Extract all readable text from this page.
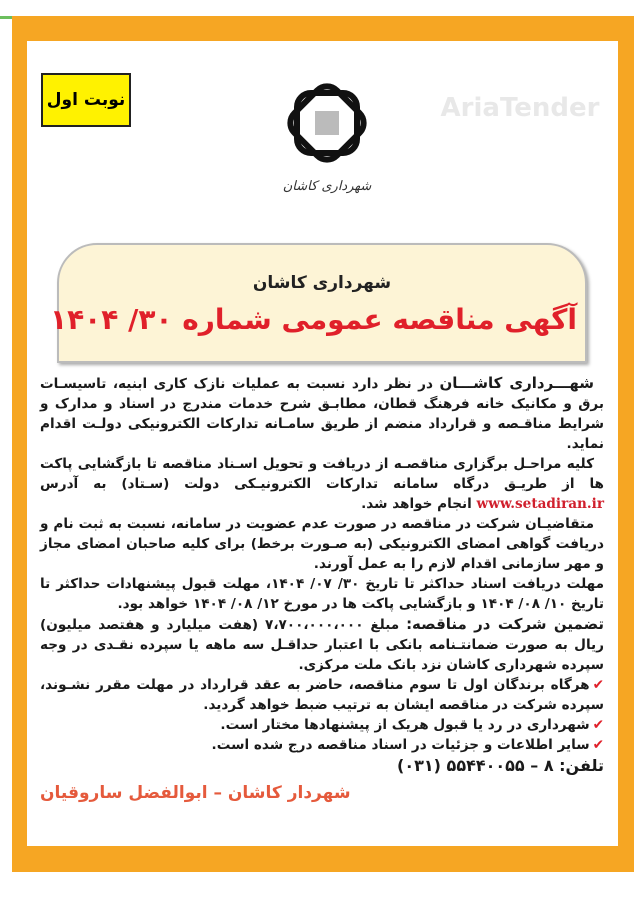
نوبت اول
شهرداری کاشان
AriaTender
شهرداری کاشان
آگهی مناقصه عمومی شماره ۳۰/ ۱۴۰۴

شهـــرداری کاشـــان در نظر دارد نسبت به عملیات نازک کاری ابنیه، تاسیسـات برق و مکانیک خانه فرهنگ قطان، مطابـق شرح خدمات مندرج در اسناد و مدارک و شرایط مناقـصه و قرارداد منضم از طریق سامـانه تدارکات الکترونیکی دولـت اقدام نماید.

کلیه مراحـل برگزاری مناقصـه از دریافت و تحویل اسـناد مناقصه تا بازگشایی پاکت ها از طریـق درگاه سامانه تدارکات الکترونیـکی دولت (سـتاد) به آدرس www.setadiran.ir انجام خواهد شد.

متقاضیـان شرکت در مناقصه در صورت عدم عضویت در سامانه، نسبت به ثبت نام و دریافت گواهی امضای الکترونیکی (به صـورت برخط) برای کلیه صاحبان امضای مجاز و مهر سازمانی اقدام لازم را به عمل آورند.

مهلت دریافت اسناد حداکثر تا تاریخ ۳۰/ ۰۷/ ۱۴۰۴، مهلت قبول پیشنهادات حداکثر تا تاریخ ۱۰/ ۰۸/ ۱۴۰۴ و بازگشایی پاکت ها در مورخ ۱۲/ ۰۸/ ۱۴۰۴ خواهد بود.

تضمین شرکت در مناقصه: مبلغ ۷،۷۰۰،۰۰۰،۰۰۰ (هفت میلیارد و هفتصد میلیون) ریال به صورت ضمانتـنامه بانکی با اعتبار حداقـل سه ماهه یا سپرده نقـدی در وجه سپرده شهرداری کاشان نزد بانک ملت مرکزی.

✔هرگاه برندگان اول تا سوم مناقصه، حاضر به عقد قرارداد در مهلت مقرر نشـوند، سپرده شرکت در مناقصه ایشان به ترتیب ضبط خواهد گردید.

✔شهرداری در رد یا قبول هریک از پیشنهادها مختار است.

✔سایر اطلاعات و جزئیات در اسناد مناقصه درج شده است.

تلفن: ۸ – ۵۵۴۴۰۰۵۵ (۰۳۱)

شهردار کاشان – ابوالفضل ساروقیان
